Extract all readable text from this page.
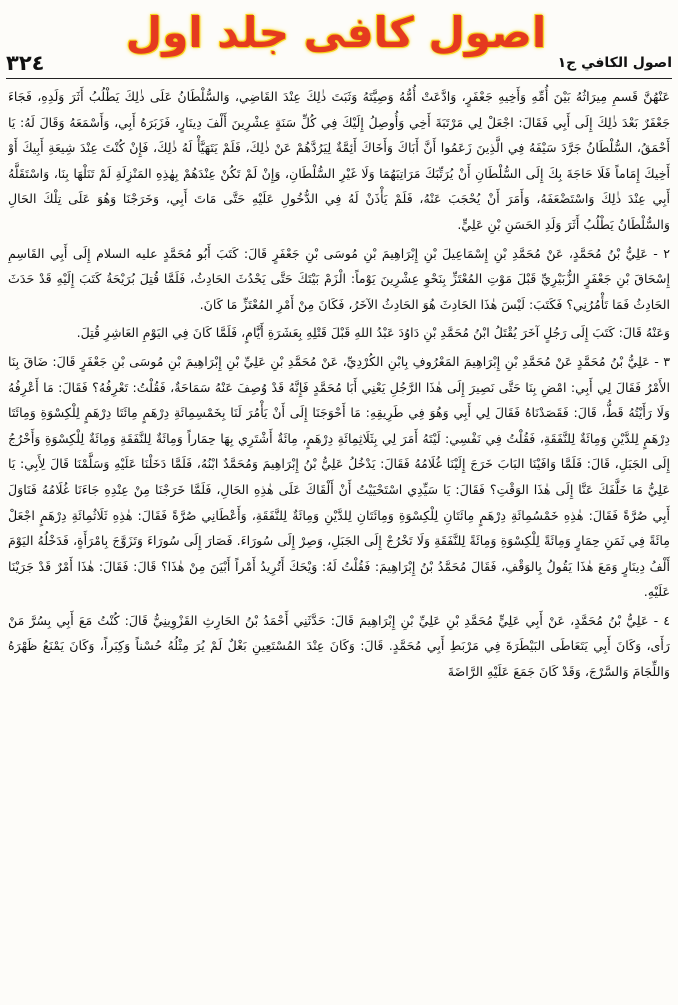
اصول کافی جلد اول
٣٢٤	اصول الكافي ج١

عَنْهُنَّ قَسمِ مِيرَاثُهُ بَيْنَ أُمِّهِ وَأَخِيهِ جَعْفَرٍ، وَادَّعَتْ أُمُّهُ وَصِيَّتَهُ وَثَبَتَ ذٰلِكَ عِنْدَ القَاضِي، وَالسُّلْطَانُ عَلَى ذٰلِكَ يَطْلُبُ أَثَرَ وَلَدِهِ، فَجَاءَ جَعْفَرٌ بَعْدَ ذٰلِكَ إِلَى أَبِي فَقَالَ: اجْعَلْ لِي مَرْتَبَةَ أَخِي وَأُوصِلُ إِلَيْكَ فِي كُلِّ سَنَةٍ عِشْرِينَ أَلْفَ دِينَارٍ، فَزَبَرَهُ أَبِي، وَأَسْمَعَهُ وَقَالَ لَهُ: يَا أَحْمَقُ، السُّلْطَانُ جَرَّدَ سَيْفَهُ فِي الَّذِينَ زَعَمُوا أَنَّ أَبَاكَ وَأَخَاكَ أَئِمَّةٌ لِيَرُدَّهُمْ عَنْ ذٰلِكَ، فَلَمْ يَتَهَيَّأْ لَهُ ذٰلِكَ، فَإِنْ كُنْتَ عِنْدَ شِيعَةِ أَبِيكَ أَوْ أَخِيكَ إِمَاماً فَلَا حَاجَةَ بِكَ إِلَى السُّلْطَانِ أَنْ يُرَتِّبَكَ مَرَاتِبَهُمَا وَلَا غَيْرِ السُّلْطَانِ، وَإِنْ لَمْ تَكُنْ عِنْدَهُمْ بِهٰذِهِ المَنْزِلَةِ لَمْ تَنَلْهَا بِنَا، وَاسْتَقَلَّهُ أَبِي عِنْدَ ذٰلِكَ وَاسْتَضْعَفَهُ، وَأَمَرَ أَنْ يُحْجَبَ عَنْهُ، فَلَمْ يَأْذَنْ لَهُ فِي الدُّخُولِ عَلَيْهِ حَتَّى مَاتَ أَبِي، وَخَرَجْنَا وَهُوَ عَلَى تِلْكَ الحَالِ وَالسُّلْطَانُ يَطْلُبُ أَثَرَ وَلَدِ الحَسَنِ بْنِ عَلِيٍّ.

٢ - عَلِيُّ بْنُ مُحَمَّدٍ، عَنْ مُحَمَّدِ بْنِ إِسْمَاعِيلَ بْنِ إِبْرَاهِيمَ بْنِ مُوسَى بْنِ جَعْفَرٍ قَالَ: كَتَبَ أَبُو مُحَمَّدٍ عليه السلام إِلَى أَبِي القَاسِمِ إِسْحَاقَ بْنِ جَعْفَرٍ الزُّبَيْرِيِّ قَبْلَ مَوْتِ المُعْتَزِّ بِنَحْوِ عِشْرِينَ يَوْماً: الْزَمْ بَيْتَكَ حَتَّى يَحْدُثَ الحَادِثُ، فَلَمَّا قُتِلَ بُرَيْحَةُ كَتَبَ إِلَيْهِ قَدْ حَدَثَ الحَادِثُ فَمَا تَأْمُرُنِي؟ فَكَتَبَ: لَيْسَ هٰذَا الحَادِثَ هُوَ الحَادِثُ الآخَرُ، فَكَانَ مِنْ أَمْرِ المُعْتَزِّ مَا كَانَ.

وَعَنْهُ قَالَ: كَتَبَ إِلَى رَجُلٍ آخَرَ يُقْتَلُ ابْنُ مُحَمَّدِ بْنِ دَاوُدَ عَبْدُ اللهِ قَبْلَ قَتْلِهِ بِعَشَرَةِ أَيَّامٍ، فَلَمَّا كَانَ فِي اليَوْمِ العَاشِرِ قُتِلَ.

٣ - عَلِيُّ بْنُ مُحَمَّدٍ عَنْ مُحَمَّدِ بْنِ إِبْرَاهِيمَ المَعْرُوفِ بِابْنِ الكُرْدِيِّ، عَنْ مُحَمَّدِ بْنِ عَلِيِّ بْنِ إِبْرَاهِيمَ بْنِ مُوسَى بْنِ جَعْفَرٍ قَالَ: ضَاقَ بِنَا الأَمْرُ فَقَالَ لِي أَبِي: امْضِ بِنَا حَتَّى نَصِيرَ إِلَى هٰذَا الرَّجُلِ يَعْنِي أَبَا مُحَمَّدٍ فَإِنَّهُ قَدْ وُصِفَ عَنْهُ سَمَاحَةٌ، فَقُلْتُ: تَعْرِفُهُ؟ فَقَالَ: مَا أَعْرِفُهُ وَلَا رَأَيْتُهُ قَطُّ، قَالَ: فَقَصَدْنَاهُ فَقَالَ لِي أَبِي وَهُوَ فِي طَرِيقِهِ: مَا أَحْوَجَنَا إِلَى أَنْ يَأْمُرَ لَنَا بِخَمْسِمِائَةِ دِرْهَمٍ مِائَتَا دِرْهَمٍ لِلْكِسْوَةِ وَمِائَتَا دِرْهَمٍ لِلدَّيْنِ وَمِائَةٌ لِلنَّفَقَةِ، فَقُلْتُ فِي نَفْسِي: لَيْتَهُ أَمَرَ لِي بِثَلَاثِمِائَةِ دِرْهَمٍ، مِائَةٌ أَشْتَرِي بِهَا حِمَاراً وَمِائَةٌ لِلنَّفَقَةِ وَمِائَةٌ لِلْكِسْوَةِ وَأَخْرُجُ إِلَى الجَبَلِ، قَالَ: فَلَمَّا وَافَيْنَا البَابَ خَرَجَ إِلَيْنَا غُلَامُهُ فَقَالَ: يَدْخُلُ عَلِيُّ بْنُ إِبْرَاهِيمَ وَمُحَمَّدٌ ابْنُهُ، فَلَمَّا دَخَلْنَا عَلَيْهِ وَسَلَّمْنَا قَالَ لِأَبِي: يَا عَلِيُّ مَا خَلَّفَكَ عَنَّا إِلَى هٰذَا الوَقْتِ؟ فَقَالَ: يَا سَيِّدِي اسْتَحْيَيْتُ أَنْ أَلْقَاكَ عَلَى هٰذِهِ الحَالِ، فَلَمَّا خَرَجْنَا مِنْ عِنْدِهِ جَاءَنَا غُلَامُهُ فَنَاوَلَ أَبِي صُرَّةً فَقَالَ: هٰذِهِ خَمْسُمِائَةِ دِرْهَمٍ مِائَتَانِ لِلْكِسْوَةِ وَمِائَتَانِ لِلدَّيْنِ وَمِائَةٌ لِلنَّفَقَةِ، وَأَعْطَانِي صُرَّةً فَقَالَ: هٰذِهِ ثَلَاثُمِائَةِ دِرْهَمٍ اجْعَلْ مِائَةً فِي ثَمَنِ حِمَارٍ وَمِائَةً لِلْكِسْوَةِ وَمِائَةً لِلنَّفَقَةِ وَلَا تَخْرُجْ إِلَى الجَبَلِ، وَصِرْ إِلَى سُورَاءَ. فَصَارَ إِلَى سُورَاءَ وَتَزَوَّجَ بِامْرَأَةٍ، فَدَخْلُهُ اليَوْمَ أَلْفُ دِينَارٍ وَمَعَ هٰذَا يَقُولُ بِالوَقْفِ، فَقَالَ مُحَمَّدُ بْنُ إِبْرَاهِيمَ: فَقُلْتُ لَهُ: وَيْحَكَ أَتُرِيدُ أَمْراً أَبْيَنَ مِنْ هٰذَا؟ قَالَ: فَقَالَ: هٰذَا أَمْرٌ قَدْ جَرَيْنَا عَلَيْهِ.

٤ - عَلِيُّ بْنُ مُحَمَّدٍ، عَنْ أَبِي عَلِيٍّ مُحَمَّدِ بْنِ عَلِيِّ بْنِ إِبْرَاهِيمَ قَالَ: حَدَّثَنِي أَحْمَدُ بْنُ الحَارِثِ القَزْوِينِيُّ قَالَ: كُنْتُ مَعَ أَبِي بِسُرَّ مَنْ رَأَى، وَكَانَ أَبِي يَتَعَاطَى البَيْطَرَةَ فِي مَرْبَطِ أَبِي مُحَمَّدٍ. قَالَ: وَكَانَ عِنْدَ المُسْتَعِينِ بَغْلٌ لَمْ يُرَ مِثْلُهُ حُسْناً وَكِبَراً، وَكَانَ يَمْنَعُ ظَهْرَهُ وَاللِّجَامَ وَالسَّرْجَ، وَقَدْ كَانَ جَمَعَ عَلَيْهِ الرَّاضَةَ
